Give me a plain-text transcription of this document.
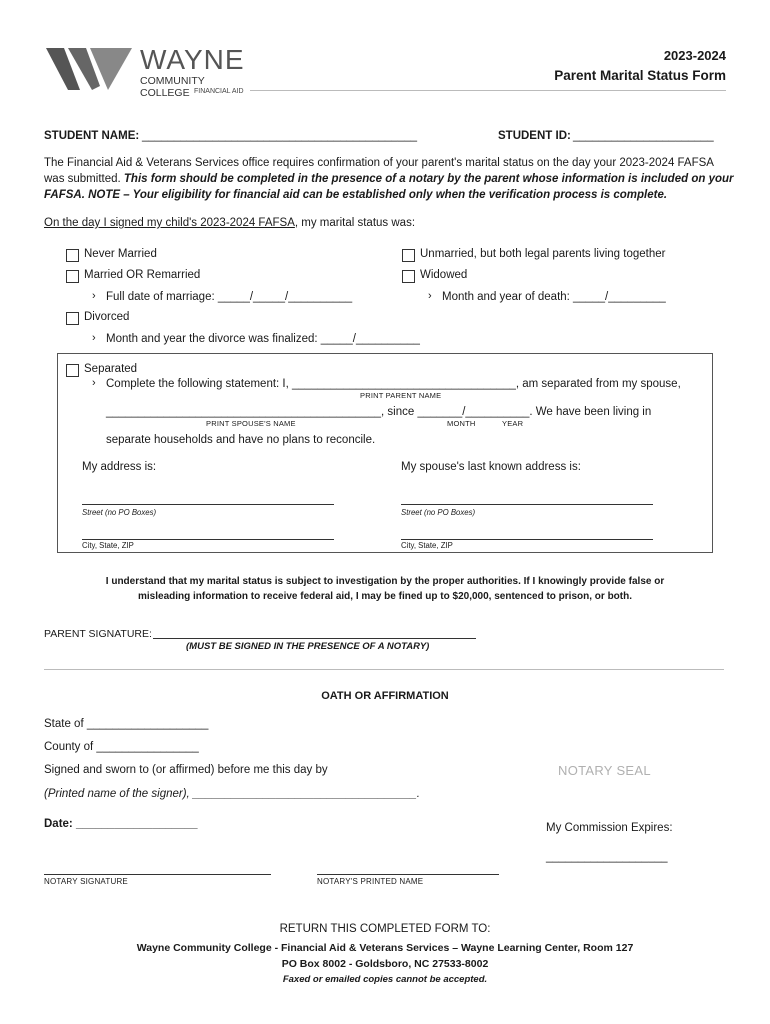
WAYNE
COMMUNITY COLLEGE FINANCIAL AID
2023-2024
Parent Marital Status Form
STUDENT NAME: ___________________________________________	STUDENT ID: ______________________
The Financial Aid & Veterans Services office requires confirmation of your parent's marital status on the day your 2023-2024 FAFSA
was submitted. This form should be completed in the presence of a notary by the parent whose information is included on your
FAFSA. NOTE – Your eligibility for financial aid can be established only when the verification process is complete.
On the day I signed my child's 2023-2024 FAFSA, my marital status was:
Never Married	Unmarried, but both legal parents living together
Married OR Remarried	Widowed
› Full date of marriage: _____/_____/__________	› Month and year of death: _____/_________
Divorced
› Month and year the divorce was finalized: _____/__________
Separated
› Complete the following statement: I, ___________________________________, am separated from my spouse,
PRINT PARENT NAME
___________________________________________, since _______/__________. We have been living in
PRINT SPOUSE'S NAME	MONTH	YEAR
separate households and have no plans to reconcile.
My address is:	My spouse's last known address is:
Street (no PO Boxes)	Street (no PO Boxes)
City, State, ZIP	City, State, ZIP
I understand that my marital status is subject to investigation by the proper authorities. If I knowingly provide false or
misleading information to receive federal aid, I may be fined up to $20,000, sentenced to prison, or both.
PARENT SIGNATURE:
(MUST BE SIGNED IN THE PRESENCE OF A NOTARY)
OATH OR AFFIRMATION
State of ___________________
County of ________________
Signed and sworn to (or affirmed) before me this day by	NOTARY SEAL
(Printed name of the signer), ___________________________________.
Date: ___________________	My Commission Expires:
___________________
NOTARY SIGNATURE	NOTARY'S PRINTED NAME
RETURN THIS COMPLETED FORM TO:
Wayne Community College - Financial Aid & Veterans Services – Wayne Learning Center, Room 127
PO Box 8002 - Goldsboro, NC 27533-8002
Faxed or emailed copies cannot be accepted.
